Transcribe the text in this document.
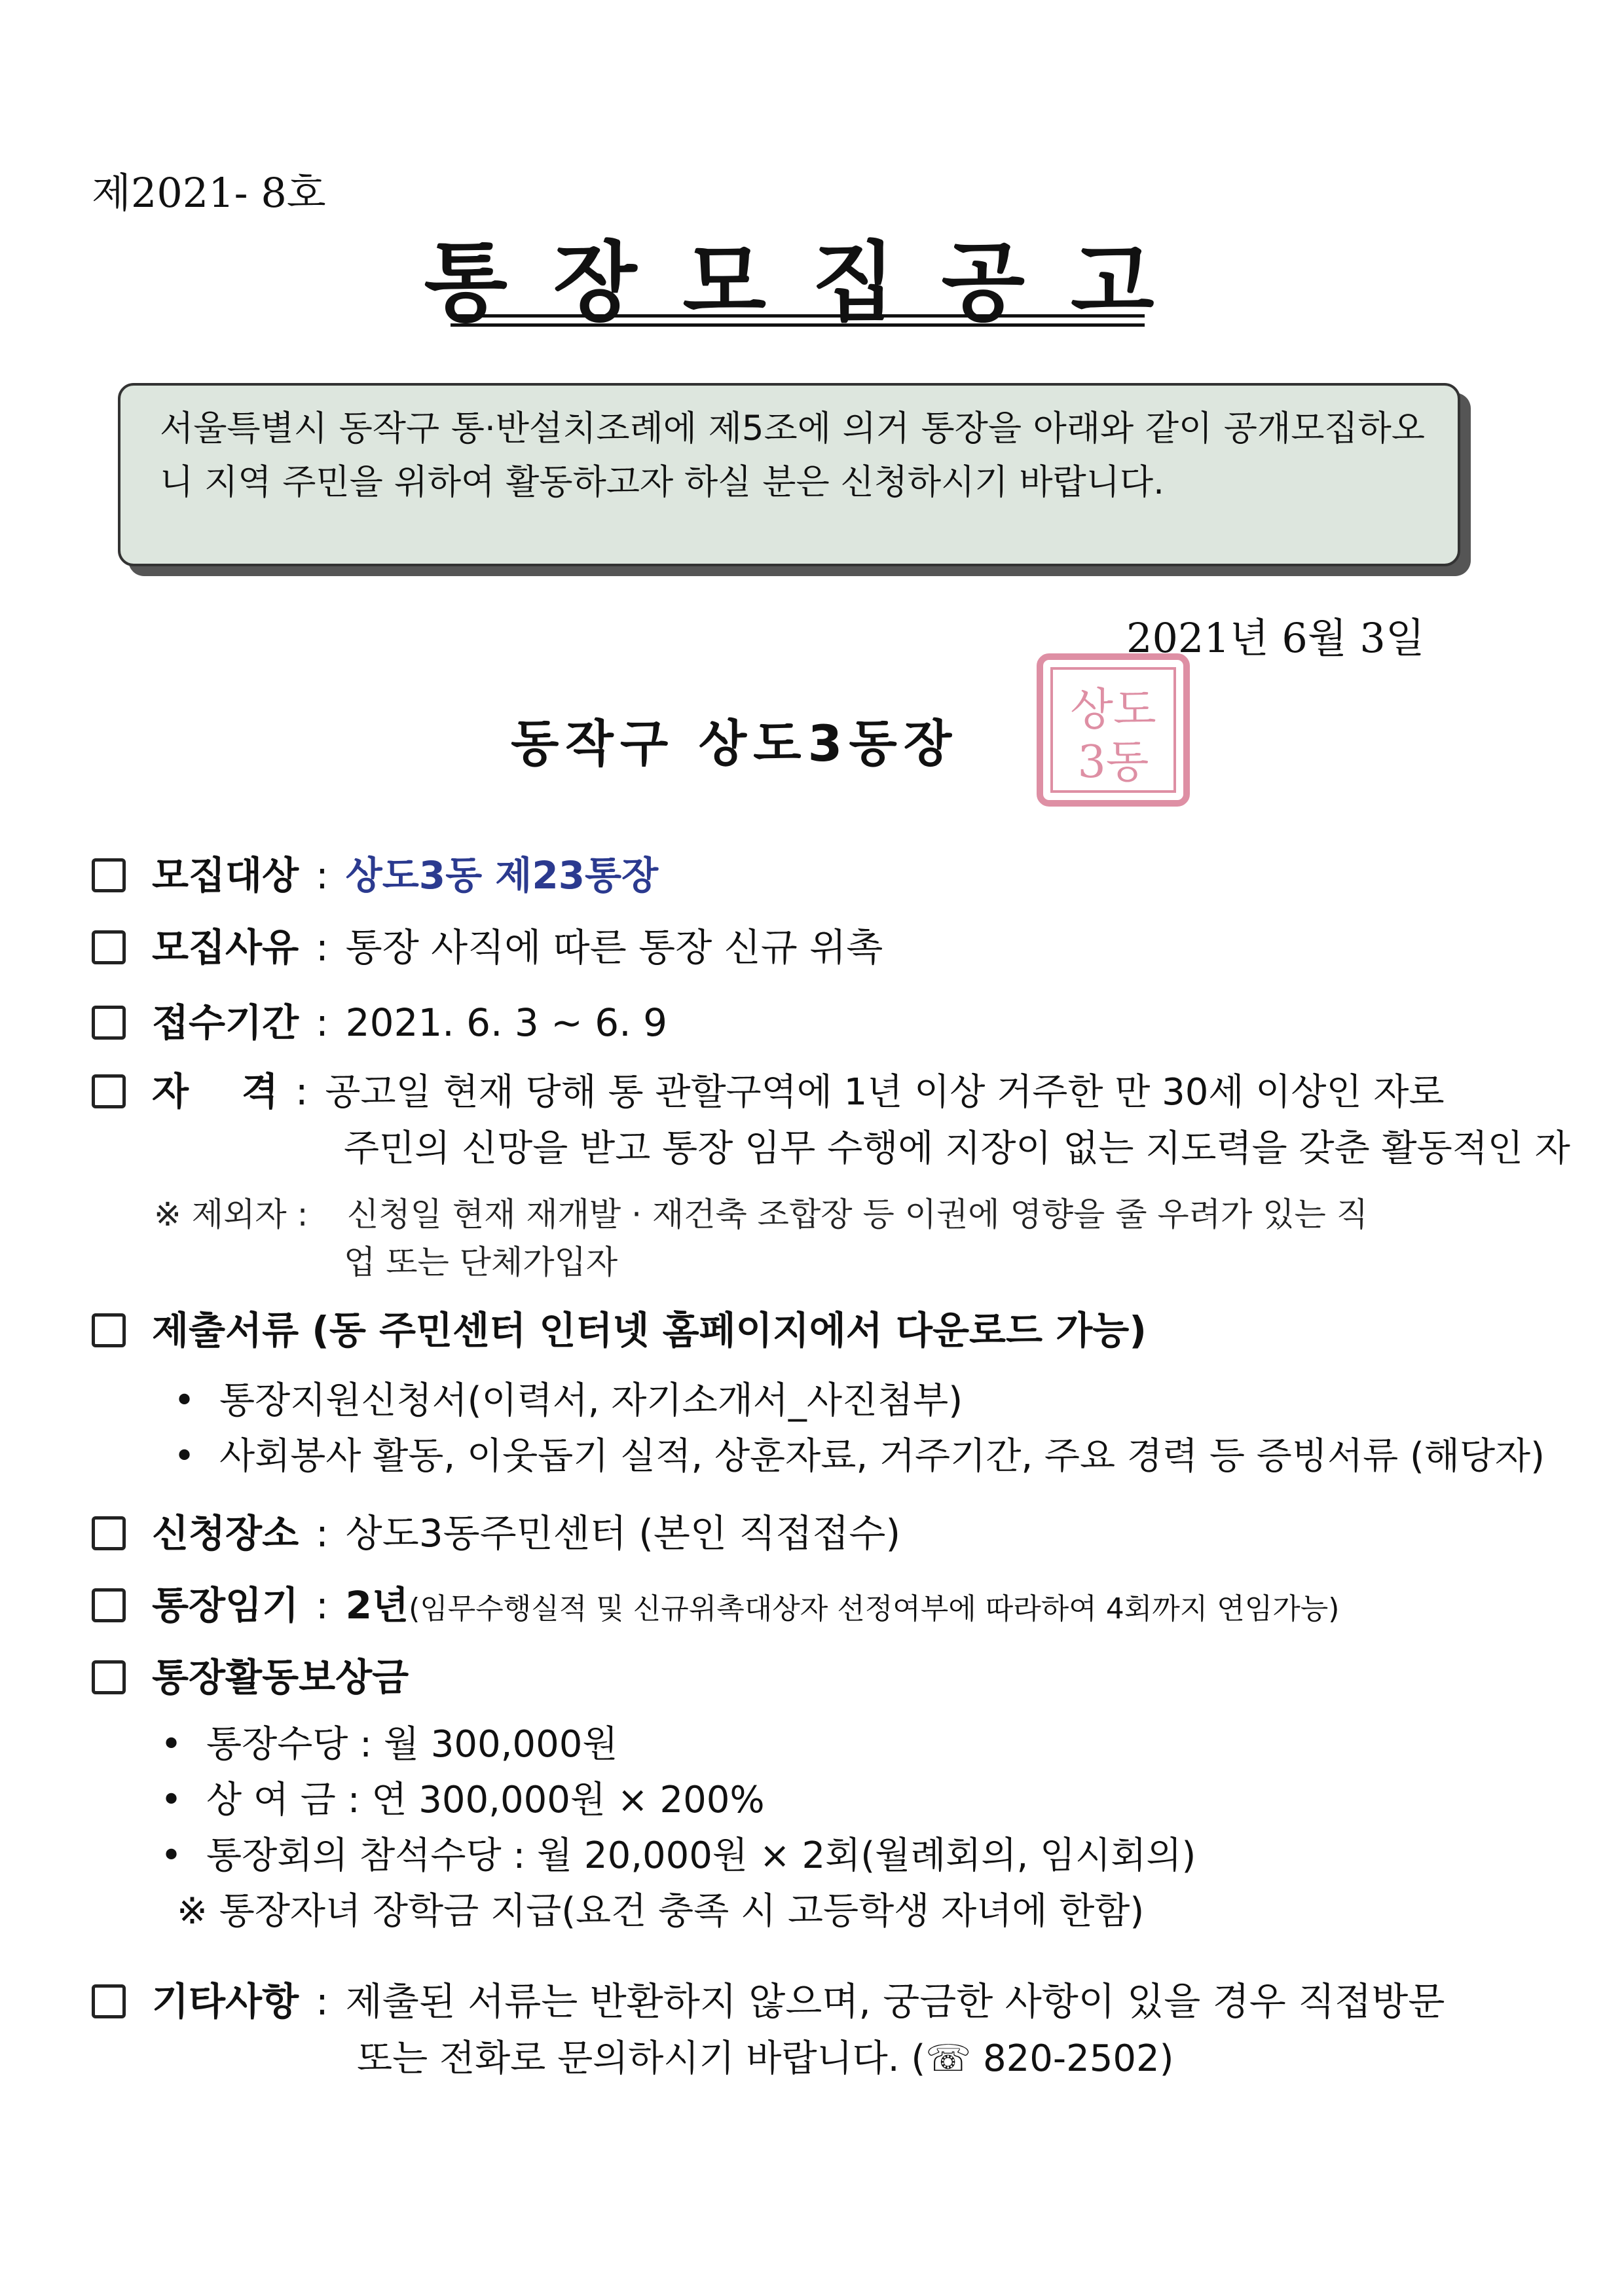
제2021- 8호
통장모집공고

서울특별시 동작구 통·반설치조례에 제5조에 의거 통장을 아래와 같이 공개모집하오니 지역 주민을 위하여 활동하고자 하실 분은 신청하시기 바랍니다.

2021년 6월 3일
동작구 상도3동장
상도
3동
모집대상 : 상도3동 제23통장
모집사유 : 통장 사직에 따른 통장 신규 위촉
접수기간 : 2021. 6. 3 ~ 6. 9
자    격 : 공고일 현재 당해 통 관할구역에 1년 이상 거주한 만 30세 이상인 자로
주민의 신망을 받고 통장 임무 수행에 지장이 없는 지도력을 갖춘 활동적인 자
※ 제외자 : 신청일 현재 재개발 · 재건축 조합장 등 이권에 영향을 줄 우려가 있는 직
업 또는 단체가입자
제출서류 (동 주민센터 인터넷 홈페이지에서 다운로드 가능)
• 통장지원신청서(이력서, 자기소개서_사진첨부)
• 사회봉사 활동, 이웃돕기 실적, 상훈자료, 거주기간, 주요 경력 등 증빙서류 (해당자)
신청장소 : 상도3동주민센터 (본인 직접접수)
통장임기 : 2년(임무수행실적 및 신규위촉대상자 선정여부에 따라하여 4회까지 연임가능)
통장활동보상금
• 통장수당 : 월 300,000원
• 상 여 금 : 연 300,000원 × 200%
• 통장회의 참석수당 : 월 20,000원 × 2회(월례회의, 임시회의)
※ 통장자녀 장학금 지급(요건 충족 시 고등학생 자녀에 한함)
기타사항 : 제출된 서류는 반환하지 않으며, 궁금한 사항이 있을 경우 직접방문
또는 전화로 문의하시기 바랍니다. (☏ 820-2502)
